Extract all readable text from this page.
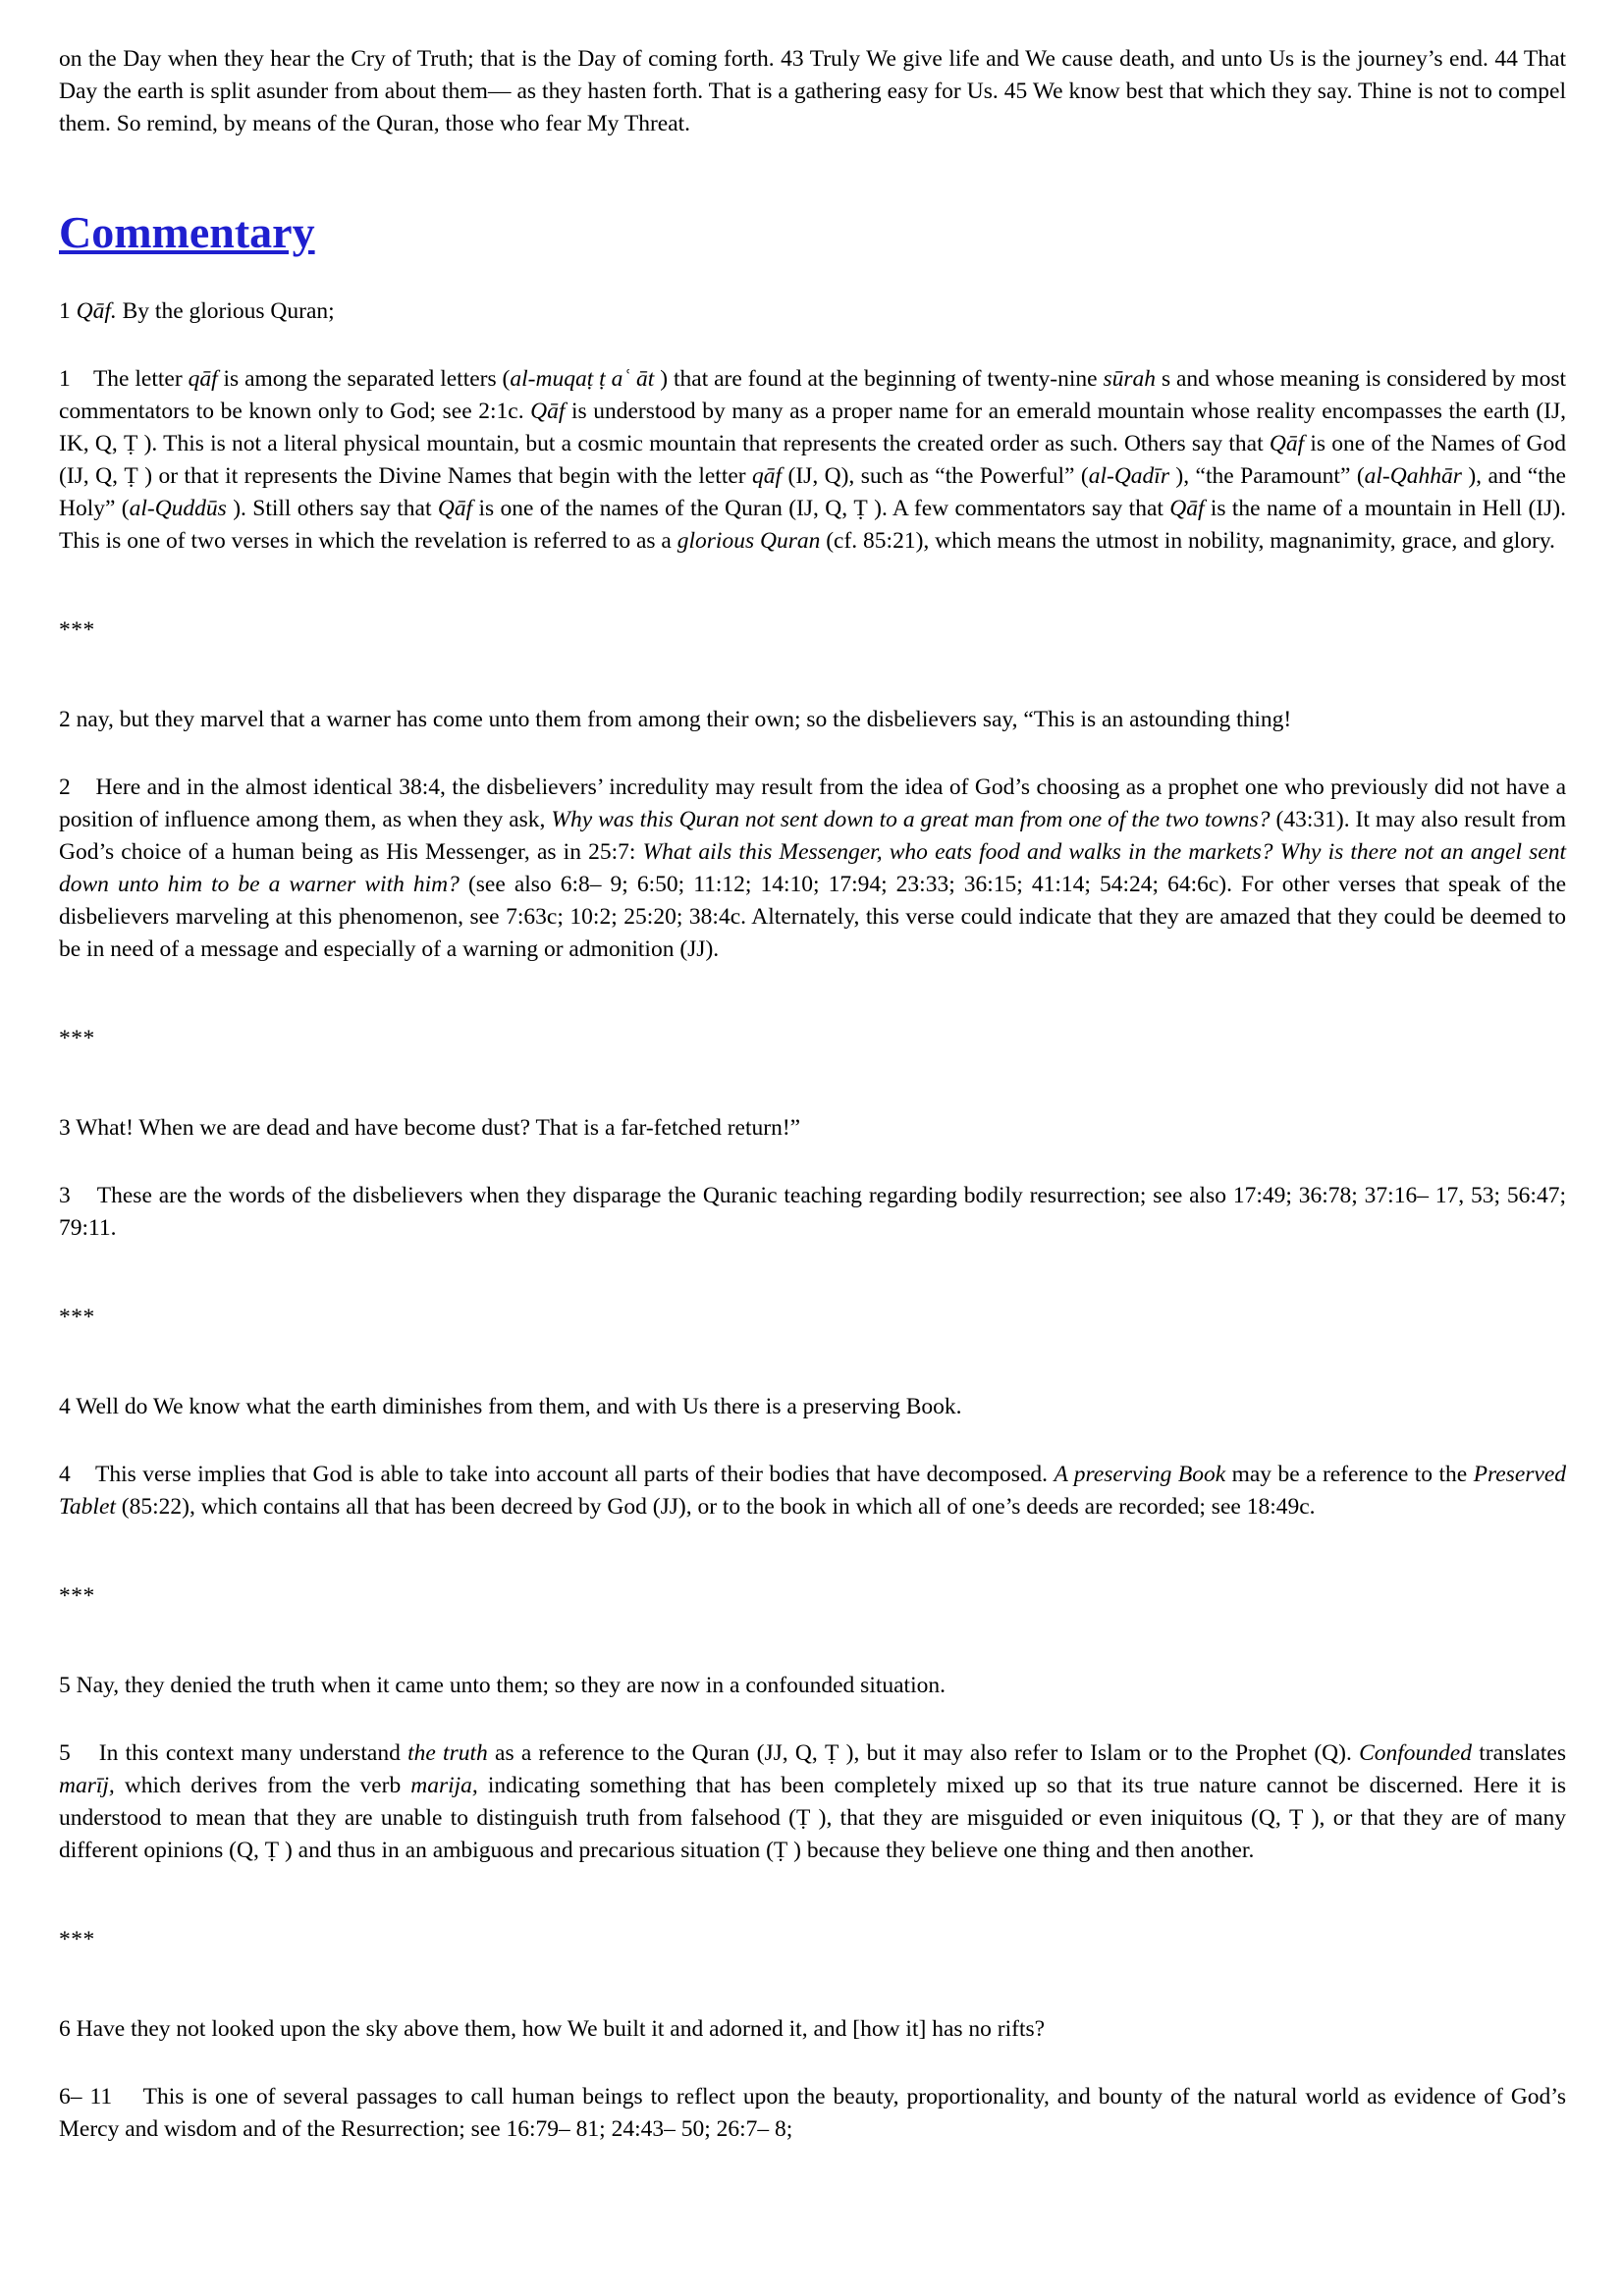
on the Day when they hear the Cry of Truth; that is the Day of coming forth. 43 Truly We give life and We cause death, and unto Us is the journey’s end. 44 That Day the earth is split asunder from about them— as they hasten forth. That is a gathering easy for Us. 45 We know best that which they say. Thine is not to compel them. So remind, by means of the Quran, those who fear My Threat.

Commentary

1 Qāf. By the glorious Quran;

1    The letter qāf is among the separated letters (al-muqaṭ ṭ aʿ āt ) that are found at the beginning of twenty-nine sūrah s and whose meaning is considered by most commentators to be known only to God; see 2:1c. Qāf is understood by many as a proper name for an emerald mountain whose reality encompasses the earth (IJ, IK, Q, Ṭ ). This is not a literal physical mountain, but a cosmic mountain that represents the created order as such. Others say that Qāf is one of the Names of God (IJ, Q, Ṭ ) or that it represents the Divine Names that begin with the letter qāf (IJ, Q), such as “the Powerful” (al-Qadīr ), “the Paramount” (al-Qahhār ), and “the Holy” (al-Quddūs ). Still others say that Qāf is one of the names of the Quran (IJ, Q, Ṭ ). A few commentators say that Qāf is the name of a mountain in Hell (IJ). This is one of two verses in which the revelation is referred to as a glorious Quran (cf. 85:21), which means the utmost in nobility, magnanimity, grace, and glory.

***

2 nay, but they marvel that a warner has come unto them from among their own; so the disbelievers say, “This is an astounding thing!

2    Here and in the almost identical 38:4, the disbelievers’ incredulity may result from the idea of God’s choosing as a prophet one who previously did not have a position of influence among them, as when they ask, Why was this Quran not sent down to a great man from one of the two towns? (43:31). It may also result from God’s choice of a human being as His Messenger, as in 25:7: What ails this Messenger, who eats food and walks in the markets? Why is there not an angel sent down unto him to be a warner with him? (see also 6:8– 9; 6:50; 11:12; 14:10; 17:94; 23:33; 36:15; 41:14; 54:24; 64:6c). For other verses that speak of the disbelievers marveling at this phenomenon, see 7:63c; 10:2; 25:20; 38:4c. Alternately, this verse could indicate that they are amazed that they could be deemed to be in need of a message and especially of a warning or admonition (JJ).

***

3 What! When we are dead and have become dust? That is a far-fetched return!”

3    These are the words of the disbelievers when they disparage the Quranic teaching regarding bodily resurrection; see also 17:49; 36:78; 37:16– 17, 53; 56:47; 79:11.

***

4 Well do We know what the earth diminishes from them, and with Us there is a preserving Book.

4    This verse implies that God is able to take into account all parts of their bodies that have decomposed. A preserving Book may be a reference to the Preserved Tablet (85:22), which contains all that has been decreed by God (JJ), or to the book in which all of one’s deeds are recorded; see 18:49c.

***

5 Nay, they denied the truth when it came unto them; so they are now in a confounded situation.

5    In this context many understand the truth as a reference to the Quran (JJ, Q, Ṭ ), but it may also refer to Islam or to the Prophet (Q). Confounded translates marīj, which derives from the verb marija, indicating something that has been completely mixed up so that its true nature cannot be discerned. Here it is understood to mean that they are unable to distinguish truth from falsehood (Ṭ ), that they are misguided or even iniquitous (Q, Ṭ ), or that they are of many different opinions (Q, Ṭ ) and thus in an ambiguous and precarious situation (Ṭ ) because they believe one thing and then another.

***

6 Have they not looked upon the sky above them, how We built it and adorned it, and [how it] has no rifts?

6– 11    This is one of several passages to call human beings to reflect upon the beauty, proportionality, and bounty of the natural world as evidence of God’s Mercy and wisdom and of the Resurrection; see 16:79– 81; 24:43– 50; 26:7– 8;
